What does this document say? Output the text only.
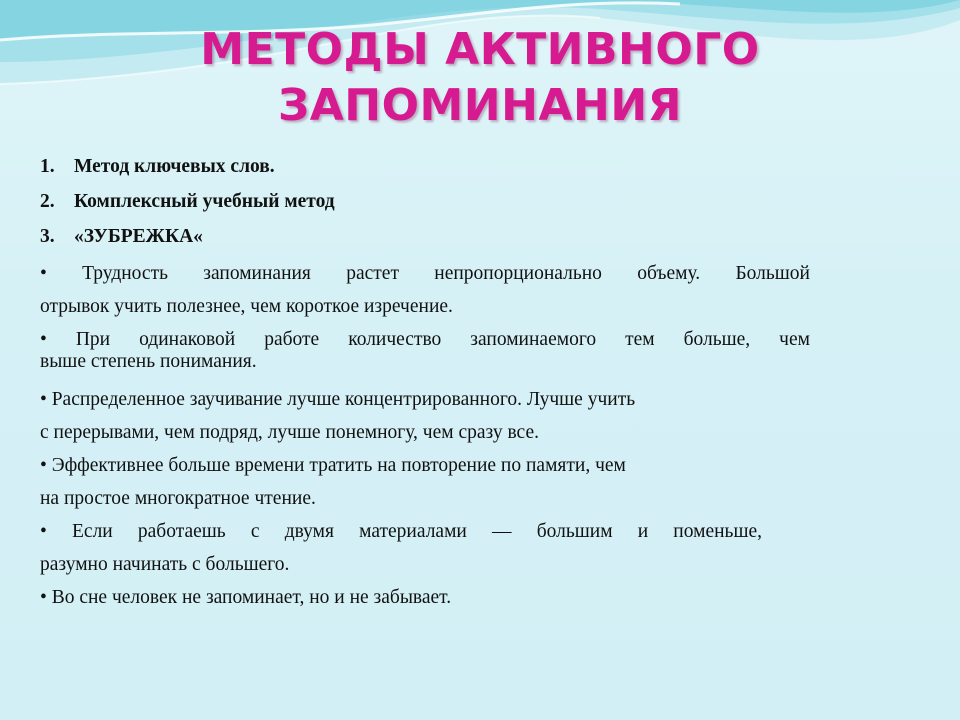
МЕТОДЫ АКТИВНОГО
ЗАПОМИНАНИЯ
1. Метод ключевых слов.
2. Комплексный учебный метод
3. «ЗУБРЕЖКА«
• Трудность запоминания растет непропорционально объему. Большой
отрывок учить полезнее, чем короткое изречение.
• При одинаковой работе количество запоминаемого тем больше, чем
выше степень понимания.
• Распределенное заучивание лучше концентрированного. Лучше учить
с перерывами, чем подряд, лучше понемногу, чем сразу все.
• Эффективнее больше времени тратить на повторение по памяти, чем
на простое многократное чтение.
• Если работаешь с двумя материалами — большим и поменьше,
разумно начинать с большего.
• Во сне человек не запоминает, но и не забывает.
